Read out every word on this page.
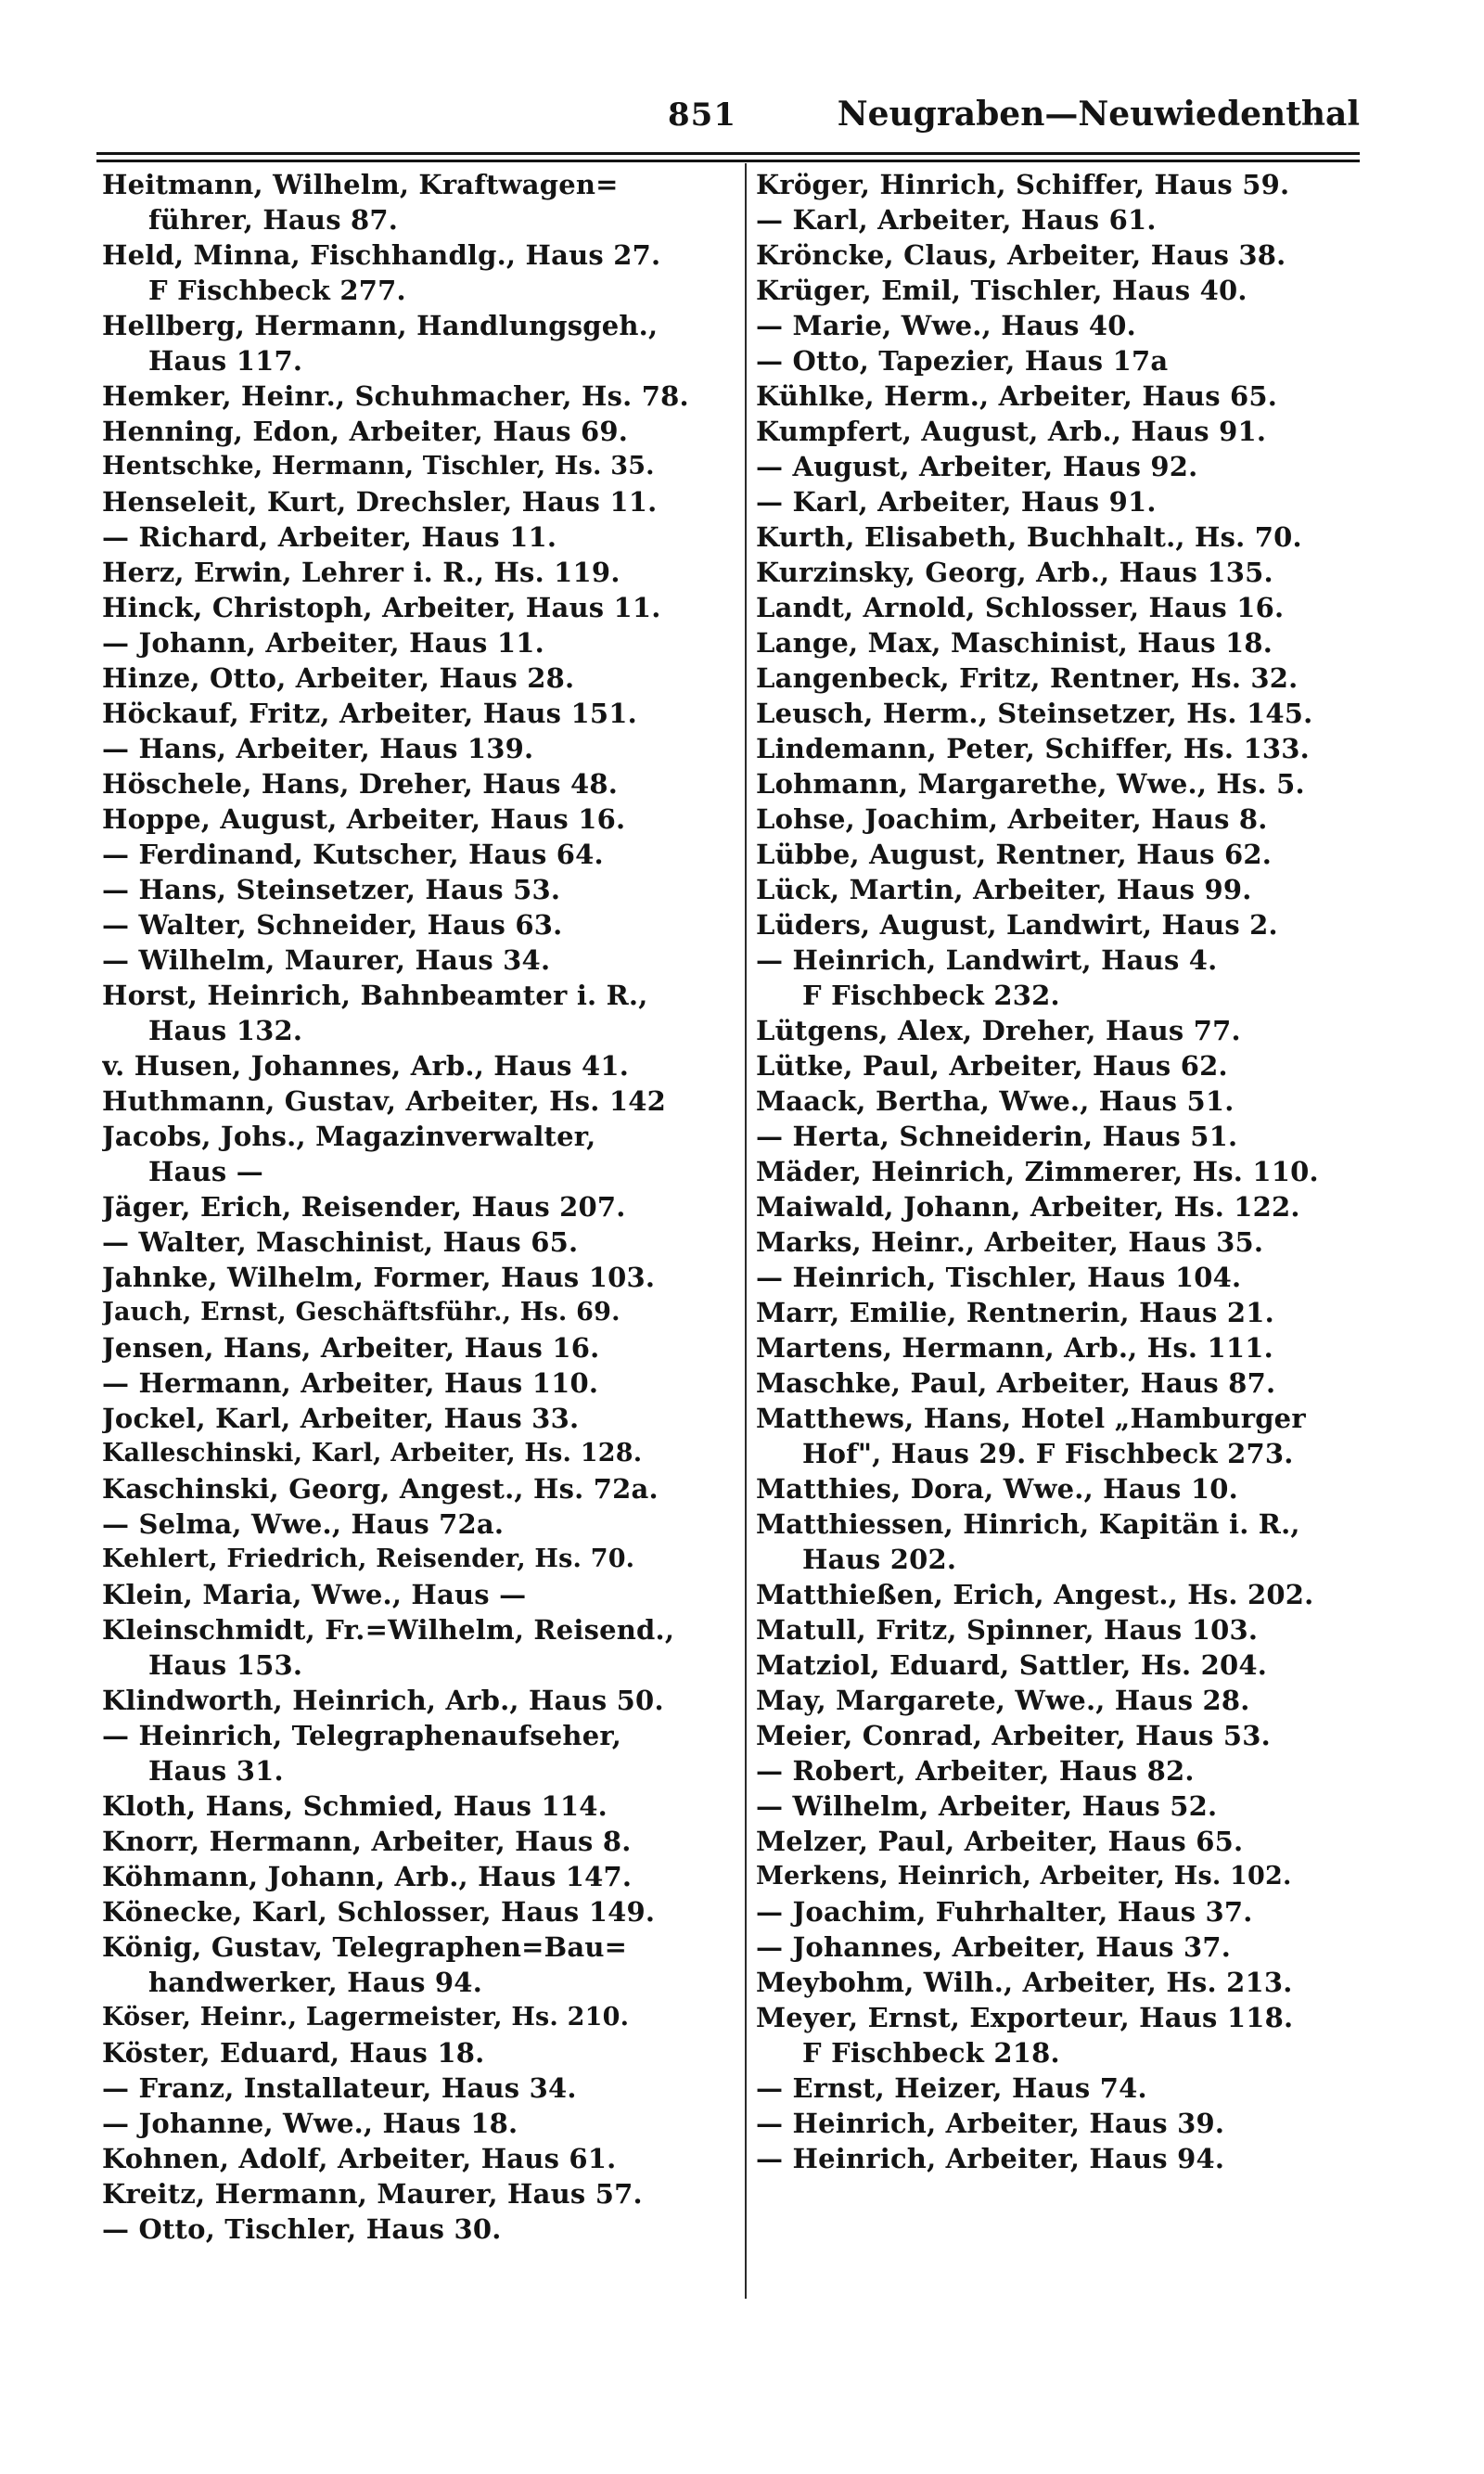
851	Neugraben—Neuwiedenthal
Heitmann, Wilhelm, Kraftwagen=
führer, Haus 87.
Held, Minna, Fischhandlg., Haus 27.
F Fischbeck 277.
Hellberg, Hermann, Handlungsgeh.,
Haus 117.
Hemker, Heinr., Schuhmacher, Hs. 78.
Henning, Edon, Arbeiter, Haus 69.
Hentschke, Hermann, Tischler, Hs. 35.
Henseleit, Kurt, Drechsler, Haus 11.
— Richard, Arbeiter, Haus 11.
Herz, Erwin, Lehrer i. R., Hs. 119.
Hinck, Christoph, Arbeiter, Haus 11.
— Johann, Arbeiter, Haus 11.
Hinze, Otto, Arbeiter, Haus 28.
Höckauf, Fritz, Arbeiter, Haus 151.
— Hans, Arbeiter, Haus 139.
Höschele, Hans, Dreher, Haus 48.
Hoppe, August, Arbeiter, Haus 16.
— Ferdinand, Kutscher, Haus 64.
— Hans, Steinsetzer, Haus 53.
— Walter, Schneider, Haus 63.
— Wilhelm, Maurer, Haus 34.
Horst, Heinrich, Bahnbeamter i. R.,
Haus 132.
v. Husen, Johannes, Arb., Haus 41.
Huthmann, Gustav, Arbeiter, Hs. 142
Jacobs, Johs., Magazinverwalter,
Haus —
Jäger, Erich, Reisender, Haus 207.
— Walter, Maschinist, Haus 65.
Jahnke, Wilhelm, Former, Haus 103.
Jauch, Ernst, Geschäftsführ., Hs. 69.
Jensen, Hans, Arbeiter, Haus 16.
— Hermann, Arbeiter, Haus 110.
Jockel, Karl, Arbeiter, Haus 33.
Kalleschinski, Karl, Arbeiter, Hs. 128.
Kaschinski, Georg, Angest., Hs. 72a.
— Selma, Wwe., Haus 72a.
Kehlert, Friedrich, Reisender, Hs. 70.
Klein, Maria, Wwe., Haus —
Kleinschmidt, Fr.=Wilhelm, Reisend.,
Haus 153.
Klindworth, Heinrich, Arb., Haus 50.
— Heinrich, Telegraphenaufseher,
Haus 31.
Kloth, Hans, Schmied, Haus 114.
Knorr, Hermann, Arbeiter, Haus 8.
Köhmann, Johann, Arb., Haus 147.
Könecke, Karl, Schlosser, Haus 149.
König, Gustav, Telegraphen=Bau=
handwerker, Haus 94.
Köser, Heinr., Lagermeister, Hs. 210.
Köster, Eduard, Haus 18.
— Franz, Installateur, Haus 34.
— Johanne, Wwe., Haus 18.
Kohnen, Adolf, Arbeiter, Haus 61.
Kreitz, Hermann, Maurer, Haus 57.
— Otto, Tischler, Haus 30.
Kröger, Hinrich, Schiffer, Haus 59.
— Karl, Arbeiter, Haus 61.
Kröncke, Claus, Arbeiter, Haus 38.
Krüger, Emil, Tischler, Haus 40.
— Marie, Wwe., Haus 40.
— Otto, Tapezier, Haus 17a
Kühlke, Herm., Arbeiter, Haus 65.
Kumpfert, August, Arb., Haus 91.
— August, Arbeiter, Haus 92.
— Karl, Arbeiter, Haus 91.
Kurth, Elisabeth, Buchhalt., Hs. 70.
Kurzinsky, Georg, Arb., Haus 135.
Landt, Arnold, Schlosser, Haus 16.
Lange, Max, Maschinist, Haus 18.
Langenbeck, Fritz, Rentner, Hs. 32.
Leusch, Herm., Steinsetzer, Hs. 145.
Lindemann, Peter, Schiffer, Hs. 133.
Lohmann, Margarethe, Wwe., Hs. 5.
Lohse, Joachim, Arbeiter, Haus 8.
Lübbe, August, Rentner, Haus 62.
Lück, Martin, Arbeiter, Haus 99.
Lüders, August, Landwirt, Haus 2.
— Heinrich, Landwirt, Haus 4.
F Fischbeck 232.
Lütgens, Alex, Dreher, Haus 77.
Lütke, Paul, Arbeiter, Haus 62.
Maack, Bertha, Wwe., Haus 51.
— Herta, Schneiderin, Haus 51.
Mäder, Heinrich, Zimmerer, Hs. 110.
Maiwald, Johann, Arbeiter, Hs. 122.
Marks, Heinr., Arbeiter, Haus 35.
— Heinrich, Tischler, Haus 104.
Marr, Emilie, Rentnerin, Haus 21.
Martens, Hermann, Arb., Hs. 111.
Maschke, Paul, Arbeiter, Haus 87.
Matthews, Hans, Hotel „Hamburger
Hof", Haus 29. F Fischbeck 273.
Matthies, Dora, Wwe., Haus 10.
Matthiessen, Hinrich, Kapitän i. R.,
Haus 202.
Matthießen, Erich, Angest., Hs. 202.
Matull, Fritz, Spinner, Haus 103.
Matziol, Eduard, Sattler, Hs. 204.
May, Margarete, Wwe., Haus 28.
Meier, Conrad, Arbeiter, Haus 53.
— Robert, Arbeiter, Haus 82.
— Wilhelm, Arbeiter, Haus 52.
Melzer, Paul, Arbeiter, Haus 65.
Merkens, Heinrich, Arbeiter, Hs. 102.
— Joachim, Fuhrhalter, Haus 37.
— Johannes, Arbeiter, Haus 37.
Meybohm, Wilh., Arbeiter, Hs. 213.
Meyer, Ernst, Exporteur, Haus 118.
F Fischbeck 218.
— Ernst, Heizer, Haus 74.
— Heinrich, Arbeiter, Haus 39.
— Heinrich, Arbeiter, Haus 94.
